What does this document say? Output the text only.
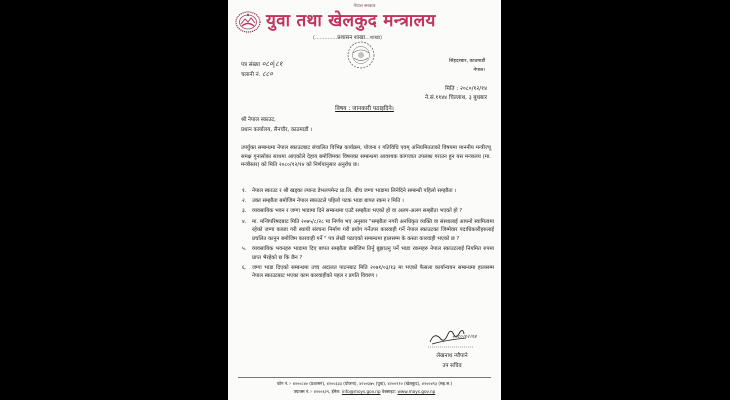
नेपाल सरकार
युवा तथा खेलकुद मन्त्रालय
(..............प्रशासन शाखा...शाखा)
पत्र संख्या ०८०|८१
चलानी नं. ८८०
सिंहदरबार, काठमाडौं
नेपाल।
मिति : २०८०/१२/१४
ने.सं.११४४ चिल्लाथ, ३ बुधबार
विषय : जानकारी पठाइदिने।
श्री नेपाल स्काउट,
प्रधान कार्यालय, लैनचौर, काठमाडौं ।
उपर्युक्त सम्बन्धमा नेपाल स्काउटबाट संचालित विभिन्न कार्यक्रम, योजना र गतिविधि एवम् अनियमितताको विषयमा माननीय मन्त्रीज्यू समक्ष गुनासोका साथमा आएकोले देहाय बमोजिमका विषयका सम्बन्धमा आवश्यक कागजात उपलब्ध गराउन हुन यस मन्त्रालय (मा. मन्त्रीस्तर) को मिति २०८०/१२/१४ को निर्णयानुसार अनुरोध छ।
१.	नेपाल स्काउट र श्री खड्का ल्यान्ड डेभलपमेन्ट प्रा.लि. बीच जग्गा भाडामा लिनेदिने सम्बन्धी पहिलो सम्झौता ।
२.	उक्त सम्झौता बमोजिम नेपाल स्काउटले पहिलो पटक भाडा बापत रकम र मिति ।
३.	व्यवसायिक भवन र जग्गा भाडामा दिने सम्बन्धमा एउटै सम्झौता भएको हो वा अलग-अलग सम्झौता भएको हो ?
४.	मा. मन्त्रिपरिषदबाट मिति २०७५/८/२८ मा निर्णय भए अनुसार "सम्झौता नगरी अनधिकृत व्यक्ति वा संस्थालाई आफ्नो स्वामित्वमा रहेको जग्गा कब्जा गरी स्थायी संरचना निर्माण गरी प्रयोग गर्नेउपर कारवाही गर्ने नेपाल स्काउटका जिम्मेवार पदाधिकारीहरुलाई प्रचलित कानुन बमोजिम कारवाही गर्ने " पत्र लेखी पठाएको सम्बन्धमा हालसम्म के कस्ता कारवाही भएको छ ?
५.	व्यवसायिक भवनहरु भाडामा दिए बापत सम्झौता बमोजिम तिर्नु बुझाउनु पर्ने भाडा रकमहरु नेपाल स्काउटलाई नियमित रुपमा प्राप्त भैरहेको छ कि छैन ?
६.	जग्गा भाडा दिएको सम्बन्धमा उच्च अदालत पाटनबाट मिति २०७१/०३/१३ मा भएको फैसला कार्यान्वयन सम्बन्धमा हालसम्म नेपाल स्काउटबाट भएका काम कारवाहीको पहल र प्रगति विवरण ।
२०८०।१२।१४
लेखनाथ न्यौपाने
उप सचिव
फोन नं.:- ४२००८४० (प्रशासन), ४२००३३३ (योजना), ४२००३७५ (युवा), ४२००११० (खेलकुद), ४२००४९३ (सह.स.)
फ्याक्स नं.:- ४२००६२९, ईमेल: info@moys.gov.np वेबसाइट: www.moys.gov.np
